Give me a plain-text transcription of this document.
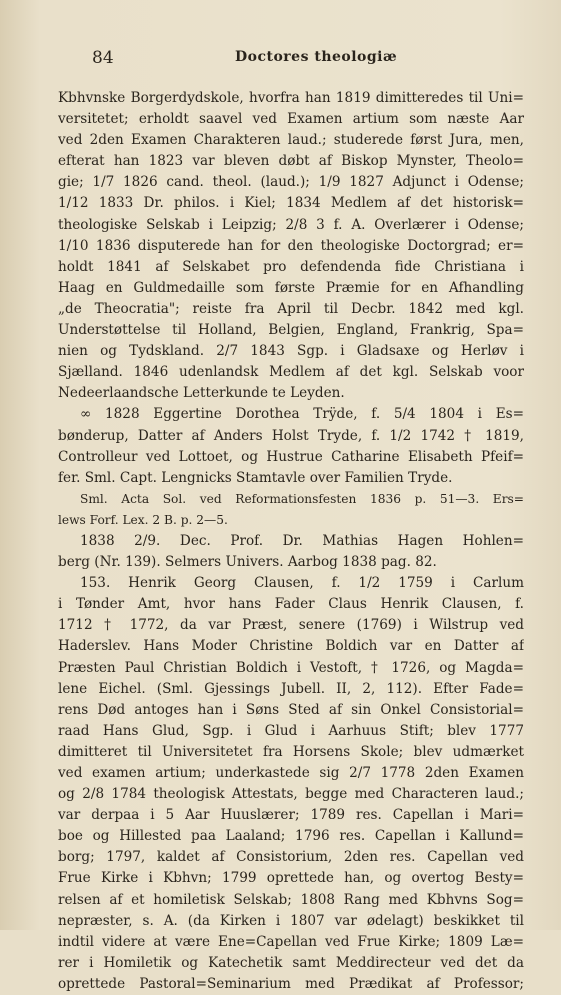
84	Doctores theologiæ
Kbhvnske Borgerdydskole, hvorfra han 1819 dimitteredes til Uni=
versitetet; erholdt saavel ved Examen artium som næste Aar
ved 2den Examen Charakteren laud.; studerede først Jura, men,
efterat han 1823 var bleven døbt af Biskop Mynster, Theolo=
gie; 1/7 1826 cand. theol. (laud.); 1/9 1827 Adjunct i Odense;
1/12 1833 Dr. philos. i Kiel; 1834 Medlem af det historisk=
theologiske Selskab i Leipzig; 2/8 3 f. A. Overlærer i Odense;
1/10 1836 disputerede han for den theologiske Doctorgrad; er=
holdt 1841 af Selskabet pro defendenda fide Christiana i
Haag en Guldmedaille som første Præmie for en Afhandling
„de Theocratia"; reiste fra April til Decbr. 1842 med kgl.
Understøttelse til Holland, Belgien, England, Frankrig, Spa=
nien og Tydskland. 2/7 1843 Sgp. i Gladsaxe og Herløv i
Sjælland. 1846 udenlandsk Medlem af det kgl. Selskab voor
Nedeerlaandsche Letterkunde te Leyden.
∞ 1828 Eggertine Dorothea Trÿde, f. 5/4 1804 i Es=
bønderup, Datter af Anders Holst Tryde, f. 1/2 1742 † 1819,
Controlleur ved Lottoet, og Hustrue Catharine Elisabeth Pfeif=
fer. Sml. Capt. Lengnicks Stamtavle over Familien Tryde.
Sml. Acta Sol. ved Reformationsfesten 1836 p. 51—3. Ers=
lews Forf. Lex. 2 B. p. 2—5.
1838 2/9. Dec. Prof. Dr. Mathias Hagen Hohlen=
berg (Nr. 139). Selmers Univers. Aarbog 1838 pag. 82.
153. Henrik Georg Clausen, f. 1/2 1759 i Carlum
i Tønder Amt, hvor hans Fader Claus Henrik Clausen, f.
1712 † 1772, da var Præst, senere (1769) i Wilstrup ved
Haderslev. Hans Moder Christine Boldich var en Datter af
Præsten Paul Christian Boldich i Vestoft, † 1726, og Magda=
lene Eichel. (Sml. Gjessings Jubell. II, 2, 112). Efter Fade=
rens Død antoges han i Søns Sted af sin Onkel Consistorial=
raad Hans Glud, Sgp. i Glud i Aarhuus Stift; blev 1777
dimitteret til Universitetet fra Horsens Skole; blev udmærket
ved examen artium; underkastede sig 2/7 1778 2den Examen
og 2/8 1784 theologisk Attestats, begge med Characteren laud.;
var derpaa i 5 Aar Huuslærer; 1789 res. Capellan i Mari=
boe og Hillested paa Laaland; 1796 res. Capellan i Kallund=
borg; 1797, kaldet af Consistorium, 2den res. Capellan ved
Frue Kirke i Kbhvn; 1799 oprettede han, og overtog Besty=
relsen af et homiletisk Selskab; 1808 Rang med Kbhvns Sog=
nepræster, s. A. (da Kirken i 1807 var ødelagt) beskikket til
indtil videre at være Ene=Capellan ved Frue Kirke; 1809 Læ=
rer i Homiletik og Katechetik samt Meddirecteur ved det da
oprettede Pastoral=Seminarium med Prædikat af Professor;
